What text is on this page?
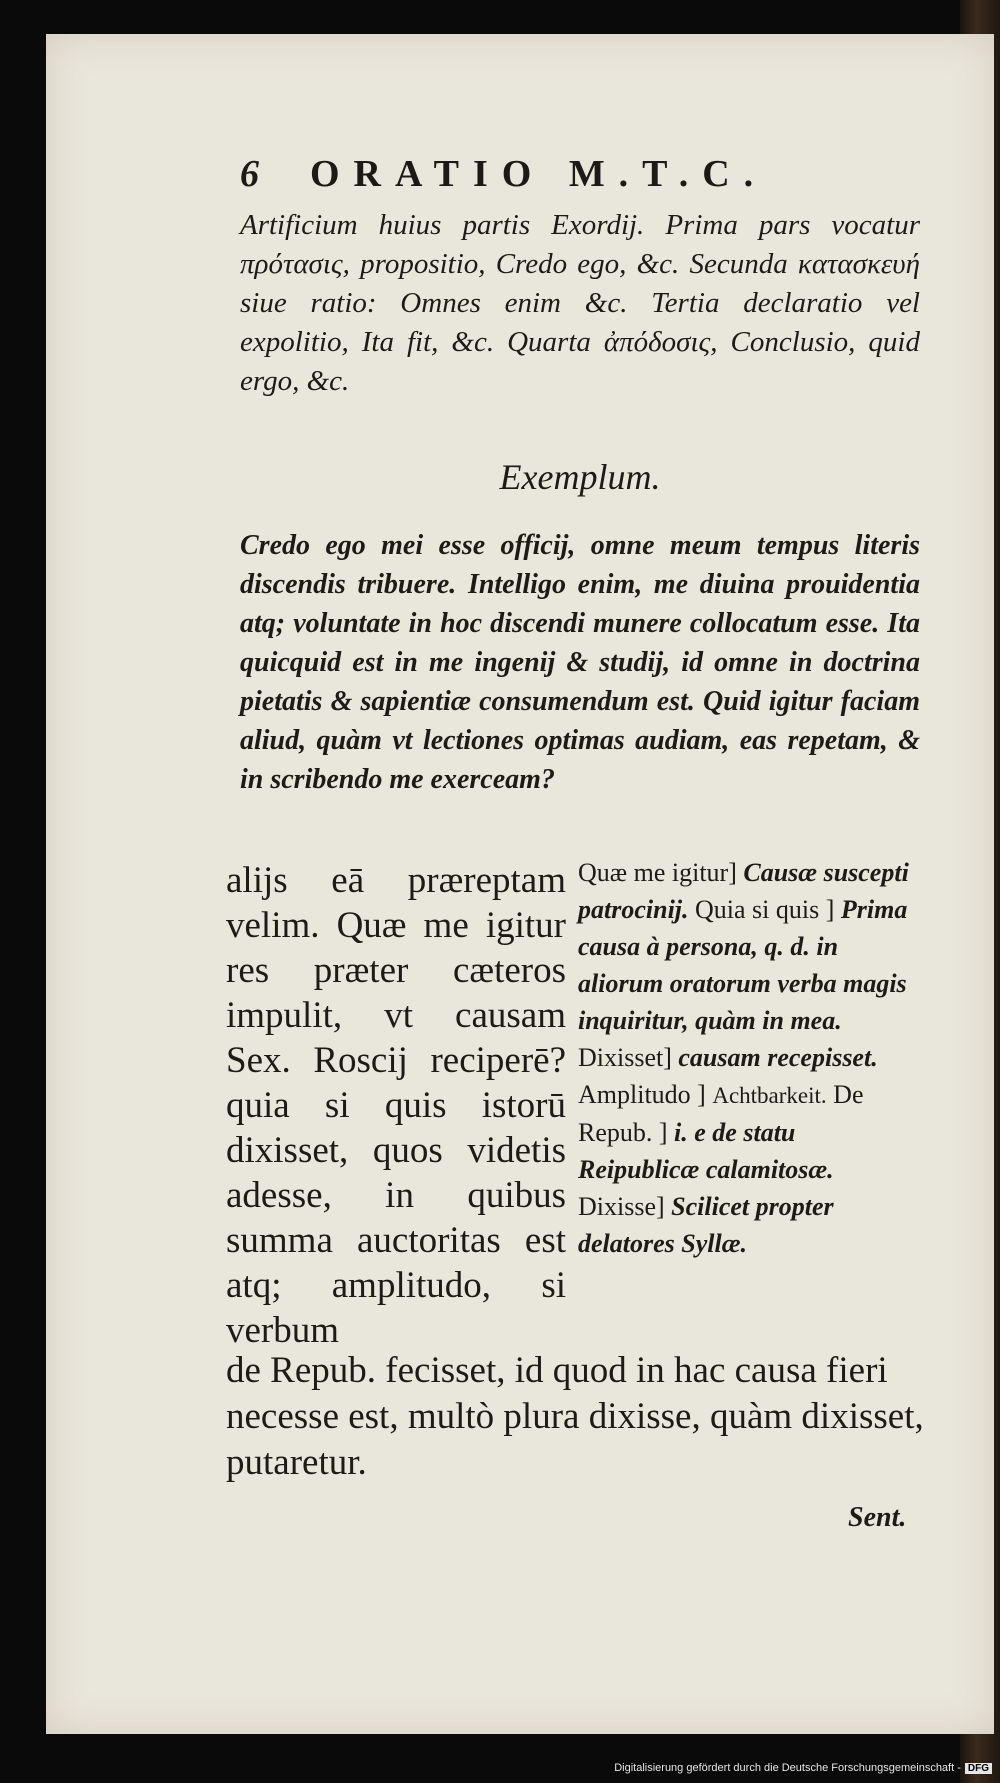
6 ORATIO M.T.C.
Artificium huius partis Exordij. Prima pars vocatur πρότασις, propositio, Credo ego, &c. Secunda κατασκευή siue ratio: Omnes enim &c. Tertia declaratio vel expolitio, Ita fit, &c. Quarta ἀπόδοσις, Conclusio, quid ergo, &c.
Exemplum.
Credo ego mei esse officij, omne meum tempus literis discendis tribuere. Intelligo enim, me diuina prouidentia atq; voluntate in hoc discendi munere collocatum esse. Ita quicquid est in me ingenij & studij, id omne in doctrina pietatis & sapientiæ consumendum est. Quid igitur faciam aliud, quàm vt lectiones optimas audiam, eas repetam, & in scribendo me exerceam?
alijs eā præreptam velim. Quæ me igitur res præter cæteros impulit, vt causam Sex. Roscij reciperē? quia si quis istorū dixisset, quos videtis adesse, in quibus summa auctoritas est atq; amplitudo, si verbum
Quæ me igitur] Causæ suscepti patrocinij. Quia si quis ] Prima causa à persona, q. d. in aliorum oratorum verba magis inquiritur, quàm in mea. Dixisset] causam recepisset. Amplitudo ] Achtbarkeit. De Repub. ] i. e de statu Reipublicæ calamitosæ. Dixisse] Scilicet propter delatores Syllæ.
de Repub. fecisset, id quod in hac causa fieri necesse est, multò plura dixisse, quàm dixisset, putaretur.
Sent.
Digitalisierung gefördert durch die Deutsche Forschungsgemeinschaft - DFG
